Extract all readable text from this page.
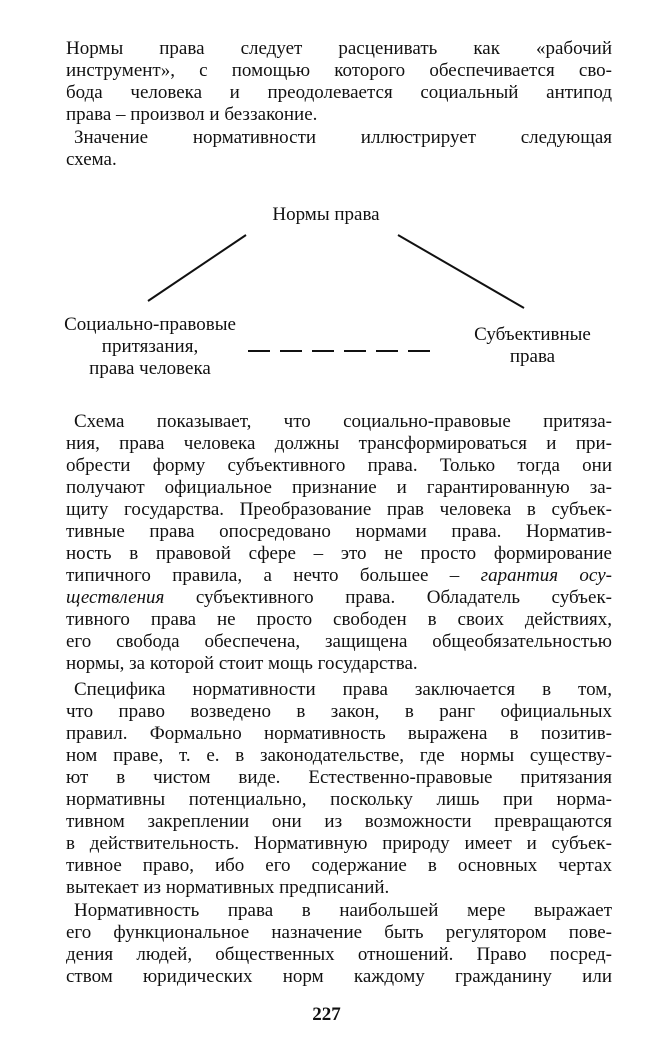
Нормы права следует расценивать как «рабочий
инструмент», с помощью которого обеспечивается сво-
бода человека и преодолевается социальный антипод
права – произвол и беззаконие.
Значение нормативности иллюстрирует следующая
схема.
Нормы права
Социально-правовые
притязания,
права человека
Субъективные
права
Схема показывает, что социально-правовые притяза-
ния, права человека должны трансформироваться и при-
обрести форму субъективного права. Только тогда они
получают официальное признание и гарантированную за-
щиту государства. Преобразование прав человека в субъек-
тивные права опосредовано нормами права. Норматив-
ность в правовой сфере – это не просто формирование
типичного правила, а нечто большее – гарантия осу-
ществления субъективного права. Обладатель субъек-
тивного права не просто свободен в своих действиях,
его свобода обеспечена, защищена общеобязательностью
нормы, за которой стоит мощь государства.
Специфика нормативности права заключается в том,
что право возведено в закон, в ранг официальных
правил. Формально нормативность выражена в позитив-
ном праве, т. е. в законодательстве, где нормы существу-
ют в чистом виде. Естественно-правовые притязания
нормативны потенциально, поскольку лишь при норма-
тивном закреплении они из возможности превращаются
в действительность. Нормативную природу имеет и субъек-
тивное право, ибо его содержание в основных чертах
вытекает из нормативных предписаний.
Нормативность права в наибольшей мере выражает
его функциональное назначение быть регулятором пове-
дения людей, общественных отношений. Право посред-
ством юридических норм каждому гражданину или
227
